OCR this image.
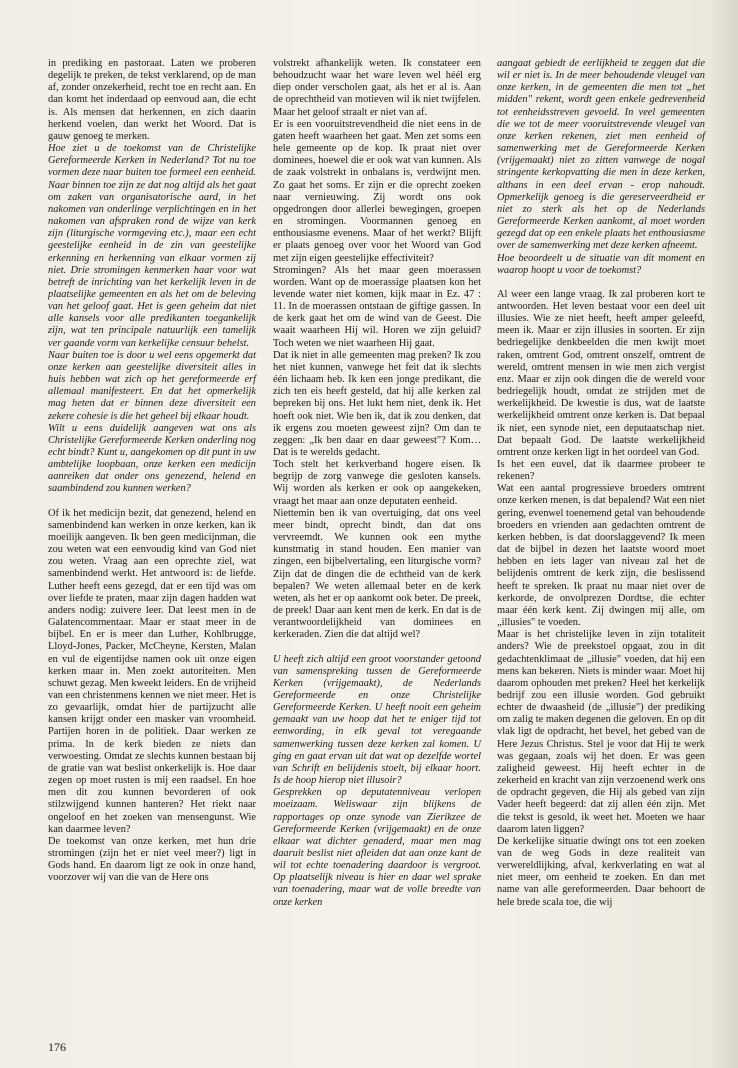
in prediking en pastoraat. Laten we proberen degelijk te preken, de tekst verklarend, op de man af, zonder onzekerheid, recht toe en recht aan. En dan komt het inderdaad op eenvoud aan, die echt is. Als mensen dat herkennen, en zich daarin herkend voelen, dan werkt het Woord. Dat is gauw genoeg te merken.

Hoe ziet u de toekomst van de Christelijke Gereformeerde Kerken in Nederland? Tot nu toe vormen deze naar buiten toe formeel een eenheid. Naar binnen toe zijn ze dat nog altijd als het gaat om zaken van organisatorische aard, in het nakomen van onderlinge verplichtingen en in het nakomen van afspraken rond de wijze van kerk zijn (liturgische vormgeving etc.), maar een echt geestelijke eenheid in de zin van geestelijke erkenning en herkenning van elkaar vormen zij niet. Drie stromingen kenmerken haar voor wat betreft de inrichting van het kerkelijk leven in de plaatselijke gemeenten en als het om de beleving van het geloof gaat. Het is geen geheim dat niet alle kansels voor alle predikanten toegankelijk zijn, wat ten principale natuurlijk een tamelijk ver gaande vorm van kerkelijke censuur behelst.

Naar buiten toe is door u wel eens opgemerkt dat onze kerken aan geestelijke diversiteit alles in huis hebben wat zich op het gereformeerde erf allemaal manifesteert. En dat het opmerkelijk mag heten dat er binnen deze diversiteit een zekere cohesie is die het geheel bij elkaar houdt.

Wilt u eens duidelijk aangeven wat ons als Christelijke Gereformeerde Kerken onderling nog echt bindt? Kunt u, aangekomen op dit punt in uw ambtelijke loopbaan, onze kerken een medicijn aanreiken dat onder ons genezend, helend en saambindend zou kunnen werken?

Of ik het medicijn bezit, dat genezend, helend en samenbindend kan werken in onze kerken, kan ik moeilijk aangeven. Ik ben geen medicijnman, die zou weten wat een eenvoudig kind van God niet zou weten. Vraag aan een oprechte ziel, wat samenbindend werkt. Het antwoord is: de liefde. Luther heeft eens gezegd, dat er een tijd was om over liefde te praten, maar zijn dagen hadden wat anders nodig: zuivere leer. Dat leest men in de Galatencommentaar. Maar er staat meer in de bijbel. En er is meer dan Luther, Kohlbrugge, Lloyd-Jones, Packer, McCheyne, Kersten, Malan en vul de eigentijdse namen ook uit onze eigen kerken maar in. Men zoekt autoriteiten. Men schuwt gezag. Men kweekt leiders. En de vrijheid van een christenmens kennen we niet meer. Het is zo gevaarlijk, omdat hier de partijzucht alle kansen krijgt onder een masker van vroomheid. Partijen horen in de politiek. Daar werken ze prima. In de kerk bieden ze niets dan verwoesting. Omdat ze slechts kunnen bestaan bij de gratie van wat beslist onkerkelijk is. Hoe daar zegen op moet rusten is mij een raadsel. En hoe men dit zou kunnen bevorderen of ook stilzwijgend kunnen hanteren? Het riekt naar ongeloof en het zoeken van mensengunst. Wie kan daarmee leven?

De toekomst van onze kerken, met hun drie stromingen (zijn het er niet veel meer?) ligt in Gods hand. En daarom ligt ze ook in onze hand, voorzover wij van die van de Here ons

volstrekt afhankelijk weten. Ik constateer een behoudzucht waar het ware leven wel héél erg diep onder verscholen gaat, als het er al is. Aan de oprechtheid van motieven wil ik niet twijfelen. Maar het geloof straalt er niet van af.

Er is een vooruitstrevendheid die niet eens in de gaten heeft waarheen het gaat. Men zet soms een hele gemeente op de kop. Ik praat niet over dominees, hoewel die er ook wat van kunnen. Als de zaak volstrekt in onbalans is, verdwijnt men. Zo gaat het soms. Er zijn er die oprecht zoeken naar vernieuwing. Zij wordt ons ook opgedrongen door allerlei bewegingen, groepen en stromingen. Voormannen genoeg en enthousiasme evenens. Maar of het werkt? Blijft er plaats genoeg over voor het Woord van God met zijn eigen geestelijke effectiviteit?

Stromingen? Als het maar geen moerassen worden. Want op de moerassige plaatsen kon het levende water niet komen, kijk maar in Ez. 47 : 11. In de moerassen ontstaan de giftige gassen. In de kerk gaat het om de wind van de Geest. Die waait waarheen Hij wil. Horen we zijn geluid? Toch weten we niet waarheen Hij gaat.

Dat ik niet in alle gemeenten mag preken? Ik zou het niet kunnen, vanwege het feit dat ik slechts één lichaam heb. Ik ken een jonge predikant, die zich ten eis heeft gesteld, dat hij alle kerken zal bepreken bij ons. Het lukt hem niet, denk ik. Het hoeft ook niet. Wie ben ik, dat ik zou denken, dat ik ergens zou moeten geweest zijn? Om dan te zeggen: „Ik ben daar en daar geweest"? Kom… Dat is te werelds gedacht.

Toch stelt het kerkverband hogere eisen. Ik begrijp de zorg vanwege die gesloten kansels. Wij worden als kerken er ook op aangekeken, vraagt het maar aan onze deputaten eenheid.

Niettemin ben ik van overtuiging, dat ons veel meer bindt, oprecht bindt, dan dat ons vervreemdt. We kunnen ook een mythe kunstmatig in stand houden. Een manier van zingen, een bijbelvertaling, een liturgische vorm? Zijn dat de dingen die de echtheid van de kerk bepalen? We weten allemaal beter en de kerk weten, als het er op aankomt ook beter. De preek, de preek! Daar aan kent men de kerk. En dat is de verantwoordelijkheid van dominees en kerkeraden. Zien die dat altijd wel?

U heeft zich altijd een groot voorstander getoond van samenspreking tussen de Gereformeerde Kerken (vrijgemaakt), de Nederlands Gereformeerde en onze Christelijke Gereformeerde Kerken. U heeft nooit een geheim gemaakt van uw hoop dat het te eniger tijd tot eenwording, in elk geval tot veregaande samenwerking tussen deze kerken zal komen. U ging en gaat ervan uit dat wat op dezelfde wortel van Schrift en belijdenis stoelt, bij elkaar hoort. Is de hoop hierop niet illusoir?

Gesprekken op deputatenniveau verlopen moeizaam. Weliswaar zijn blijkens de rapportages op onze synode van Zierikzee de Gereformeerde Kerken (vrijgemaakt) en de onze elkaar wat dichter genaderd, maar men mag daaruit beslist niet afleiden dat aan onze kant de wil tot echte toenadering daardoor is vergroot. Op plaatselijk niveau is hier en daar wel sprake van toenadering, maar wat de volle breedte van onze kerken

aangaat gebiedt de eerlijkheid te zeggen dat die wil er niet is. In de meer behoudende vleugel van onze kerken, in de gemeenten die men tot „het midden" rekent, wordt geen enkele gedrevenheid tot eenheidsstreven gevoeld. In veel gemeenten die we tot de meer vooruitstrevende vleugel van onze kerken rekenen, ziet men eenheid of samenwerking met de Gereformeerde Kerken (vrijgemaakt) niet zo zitten vanwege de nogal stringente kerkopvatting die men in deze kerken, althans in een deel ervan - erop nahoudt. Opmerkelijk genoeg is die gereserveerdheid er niet zo sterk als het op de Nederlands Gereformeerde Kerken aankomt, al moet worden gezegd dat op een enkele plaats het enthousiasme over de samenwerking met deze kerken afneemt.

Hoe beoordeelt u de situatie van dit moment en waarop hoopt u voor de toekomst?

Al weer een lange vraag. Ik zal proberen kort te antwoorden. Het leven bestaat voor een deel uit illusies. Wie ze niet heeft, heeft amper geleefd, meen ik. Maar er zijn illusies in soorten. Er zijn bedriegelijke denkbeelden die men kwijt moet raken, omtrent God, omtrent onszelf, omtrent de wereld, omtrent mensen in wie men zich vergist enz. Maar er zijn ook dingen die de wereld voor bedriegelijk houdt, omdat ze strijden met de werkelijkheid. De kwestie is dus, wat de laatste werkelijkheid omtrent onze kerken is. Dat bepaal ik niet, een synode niet, een deputaatschap niet. Dat bepaalt God. De laatste werkelijkheid omtrent onze kerken ligt in het oordeel van God.

Is het een euvel, dat ik daarmee probeer te rekenen?

Wat een aantal progressieve broeders omtrent onze kerken menen, is dat bepalend? Wat een niet gering, evenwel toenemend getal van behoudende broeders en vrienden aan gedachten omtrent de kerken hebben, is dat doorslaggevend? Ik meen dat de bijbel in dezen het laatste woord moet hebben en iets lager van niveau zal het de belijdenis omtrent de kerk zijn, die beslissend heeft te spreken. Ik praat nu maar niet over de kerkorde, de onvolprezen Dordtse, die echter maar één kerk kent. Zij dwingen mij alle, om „illusies" te voeden.

Maar is het christelijke leven in zijn totaliteit anders? Wie de preekstoel opgaat, zou in dit gedachtenklimaat de „illusie" voeden, dat hij een mens kan bekeren. Niets is minder waar. Moet hij daarom ophouden met preken? Heel het kerkelijk bedrijf zou een illusie worden. God gebruikt echter de dwaasheid (de „illusie") der prediking om zalig te maken degenen die geloven. En op dit vlak ligt de opdracht, het bevel, het gebed van de Here Jezus Christus. Stel je voor dat Hij te werk was gegaan, zoals wij het doen. Er was geen zaligheid geweest. Hij heeft echter in de zekerheid en kracht van zijn verzoenend werk ons de opdracht gegeven, die Hij als gebed van zijn Vader heeft begeerd: dat zij allen één zijn. Met die tekst is gesold, ik weet het. Moeten we haar daarom laten liggen?

De kerkelijke situatie dwingt ons tot een zoeken van de weg Gods in deze realiteit van verwereldlijking, afval, kerkverlating en wat al niet meer, om eenheid te zoeken. En dan met name van alle gereformeerden. Daar behoort de hele brede scala toe, die wij

176
